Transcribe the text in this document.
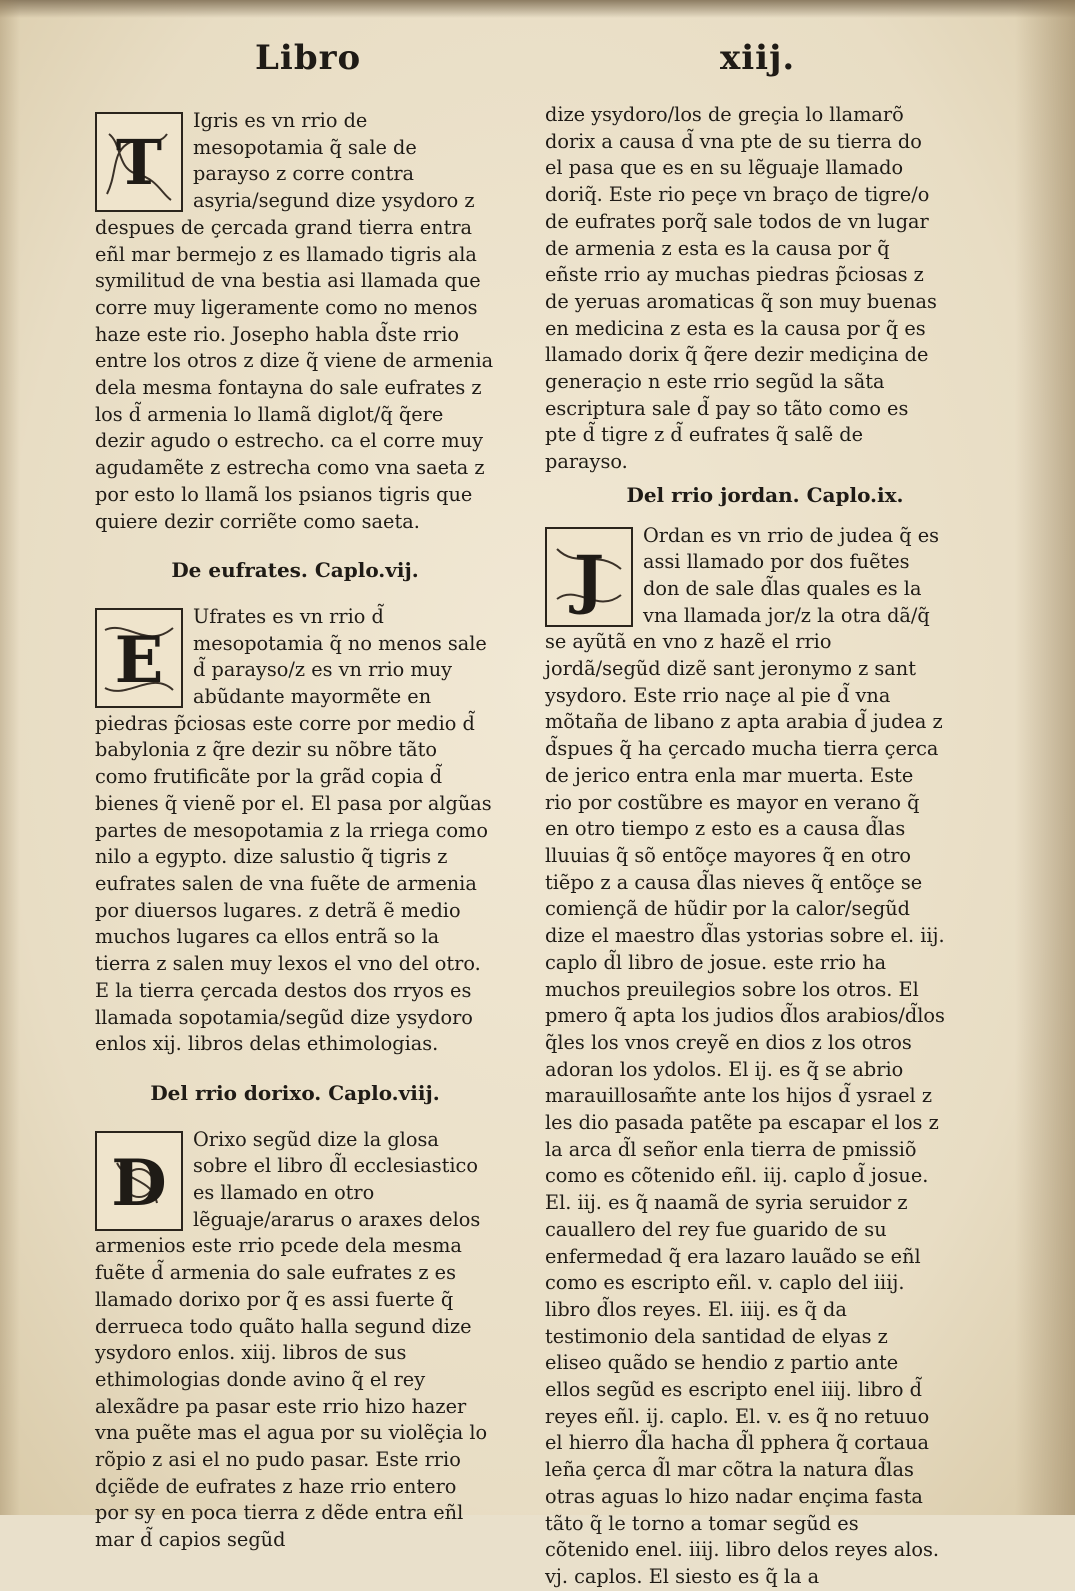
Libro	xiij.
T

Igris es vn rrio de mesopotamia q̃ sale de parayso z corre contra asyria/segund dize ysydoro z despues de çercada grand tierra entra eñl mar bermejo z es llamado tigris ala symilitud de vna bestia asi llamada que corre muy ligeramente como no menos haze este rio. Josepho habla d̃ste rrio entre los otros z dize q̃ viene de armenia dela mesma fontayna do sale eufrates z los d̃ armenia lo llamã diglot/q̃ q̃ere dezir agudo o estrecho. ca el corre muy agudamẽte z estrecha como vna saeta z por esto lo llamã los psianos tigris que quiere dezir corriẽte como saeta.

De eufrates. Caplo.vij.
E

Ufrates es vn rrio d̃ mesopotamia q̃ no menos sale d̃ parayso/z es vn rrio muy abũdante mayormẽte en piedras p̃ciosas este corre por medio d̃ babylonia z q̃re dezir su nõbre tãto como frutificãte por la grãd copia d̃ bienes q̃ vienẽ por el. El pasa por algũas partes de mesopotamia z la rriega como nilo a egypto. dize salustio q̃ tigris z eufrates salen de vna fuẽte de armenia por diuersos lugares. z detrã ẽ medio muchos lugares ca ellos entrã so la tierra z salen muy lexos el vno del otro. E la tierra çercada destos dos rryos es llamada sopotamia/segũd dize ysydoro enlos xij. libros delas ethimologias.

Del rrio dorixo. Caplo.viij.
D

Orixo segũd dize la glosa sobre el libro d̃l ecclesiastico es llamado en otro lẽguaje/ararus o araxes delos armenios este rrio pcede dela mesma fuẽte d̃ armenia do sale eufrates z es llamado dorixo por q̃ es assi fuerte q̃ derrueca todo quãto halla segund dize ysydoro enlos. xiij. libros de sus ethimologias donde avino q̃ el rey alexãdre pa pasar este rrio hizo hazer vna puẽte mas el agua por su violẽçia lo rõpio z asi el no pudo pasar. Este rrio dçiẽde de eufrates z haze rrio entero por sy en poca tierra z dẽde entra eñl mar d̃ capios segũd

dize ysydoro/los de greçia lo llamarõ dorix a causa d̃ vna pte de su tierra do el pasa que es en su lẽguaje llamado doriq̃. Este rio peçe vn braço de tigre/o de eufrates porq̃ sale todos de vn lugar de armenia z esta es la causa por q̃ eñste rrio ay muchas piedras p̃ciosas z de yeruas aromaticas q̃ son muy buenas en medicina z esta es la causa por q̃ es llamado dorix q̃ q̃ere dezir mediçina de generaçio n este rrio segũd la sãta escriptura sale d̃ pay so tãto como es pte d̃ tigre z d̃ eufrates q̃ salẽ de parayso.

Del rrio jordan. Caplo.ix.
J

Ordan es vn rrio de judea q̃ es assi llamado por dos fuẽtes don de sale d̃las quales es la vna llamada jor/z la otra dã/q̃ se ayũtã en vno z hazẽ el rrio jordã/segũd dizẽ sant jeronymo z sant ysydoro. Este rrio naçe al pie d̃ vna mõtaña de libano z apta arabia d̃ judea z d̃spues q̃ ha çercado mucha tierra çerca de jerico entra enla mar muerta. Este rio por costũbre es mayor en verano q̃ en otro tiempo z esto es a causa d̃las lluuias q̃ sõ entõçe mayores q̃ en otro tiẽpo z a causa d̃las nieves q̃ entõçe se comiençã de hũdir por la calor/segũd dize el maestro d̃las ystorias sobre el. iij. caplo d̃l libro de josue. este rrio ha muchos preuilegios sobre los otros. El pmero q̃ apta los judios d̃los arabios/d̃los q̃les los vnos creyẽ en dios z los otros adoran los ydolos. El ij. es q̃ se abrio marauillosam̃te ante los hijos d̃ ysrael z les dio pasada patẽte pa escapar el los z la arca d̃l señor enla tierra de pmissiõ como es cõtenido eñl. iij. caplo d̃ josue. El. iij. es q̃ naamã de syria seruidor z cauallero del rey fue guarido de su enfermedad q̃ era lazaro lauãdo se eñl como es escripto eñl. v. caplo del iiij. libro d̃los reyes. El. iiij. es q̃ da testimonio dela santidad de elyas z eliseo quãdo se hendio z partio ante ellos segũd es escripto enel iiij. libro d̃ reyes eñl. ij. caplo. El. v. es q̃ no retuuo el hierro d̃la hacha d̃l pphera q̃ cortaua leña çerca d̃l mar cõtra la natura d̃las otras aguas lo hizo nadar ençima fasta tãto q̃ le torno a tomar segũd es cõtenido enel. iiij. libro delos reyes alos. vj. caplos. El siesto es q̃ la a
